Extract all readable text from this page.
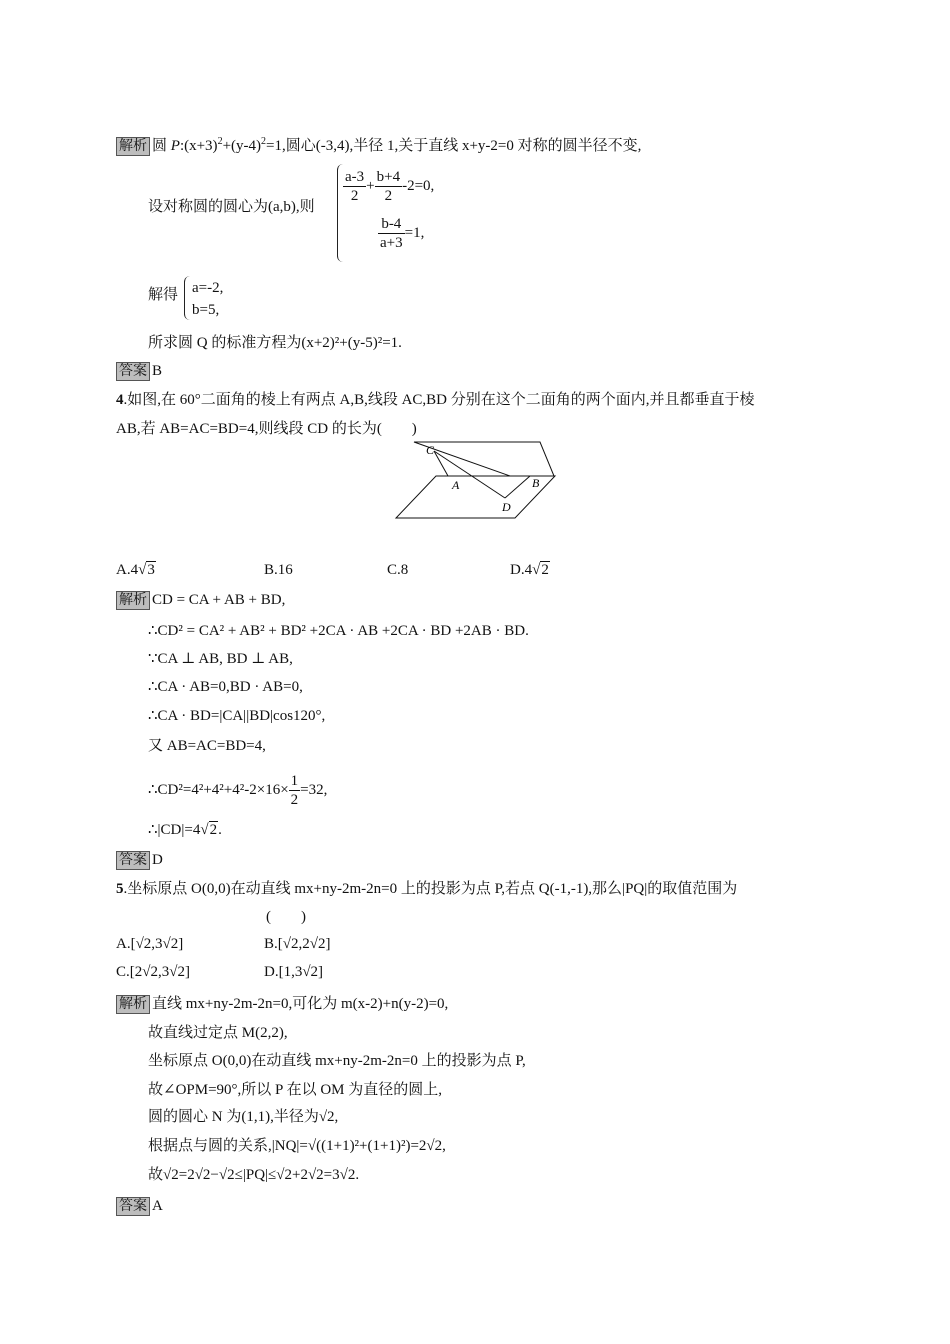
解析 圆 $P:(x+3)^2+(y-4)^2=1$,圆心(-3,4),半径 1,关于直线 x+y-2=0 对称的圆半径不变,
设对称圆的圆心为(a,b),则
$\frac{a-3}{2} + \frac{b+4}{2} -2=0$,
$\frac{b-4}{a+3} =1$,
解得 a=-2,
b=5,
所求圆 Q 的标准方程为(x+2)²+(y-5)²=1.
答案 B
4.如图,在 60°二面角的棱上有两点 A,B,线段 AC,BD 分别在这个二面角的两个面内,并且都垂直于棱
AB,若 AB=AC=BD=4,则线段 CD 的长为(　　)
C
A	B
D
A.4√3	B.16	C.8	D.4√2
解析 CD = CA + AB + BD,
∴CD² = CA² + AB² + BD² +2CA · AB +2CA · BD +2AB · BD.
∵CA ⊥ AB, BD ⊥ AB,
∴CA · AB=0,BD · AB=0,
∴CA · BD=|CA||BD|cos120°,
又 AB=AC=BD=4,
∴CD²=4²+4²+4²-2×16× $\frac{1}{2} =32$,
∴|CD|=4√2.
答案 D
5.坐标原点 O(0,0)在动直线 mx+ny-2m-2n=0 上的投影为点 P,若点 Q(-1,-1),那么|PQ|的取值范围为
(　　)
A.[√2,3√2]	B.[√2,2√2]
C.[2√2,3√2]	D.[1,3√2]
解析 直线 mx+ny-2m-2n=0,可化为 m(x-2)+n(y-2)=0,
故直线过定点 M(2,2),
坐标原点 O(0,0)在动直线 mx+ny-2m-2n=0 上的投影为点 P,
故∠OPM=90°,所以 P 在以 OM 为直径的圆上,
圆的圆心 N 为(1,1),半径为√2,
根据点与圆的关系,|NQ|=√((1+1)²+(1+1)²)=2√2,
故√2=2√2−√2≤|PQ|≤√2+2√2=3√2.
答案 A
